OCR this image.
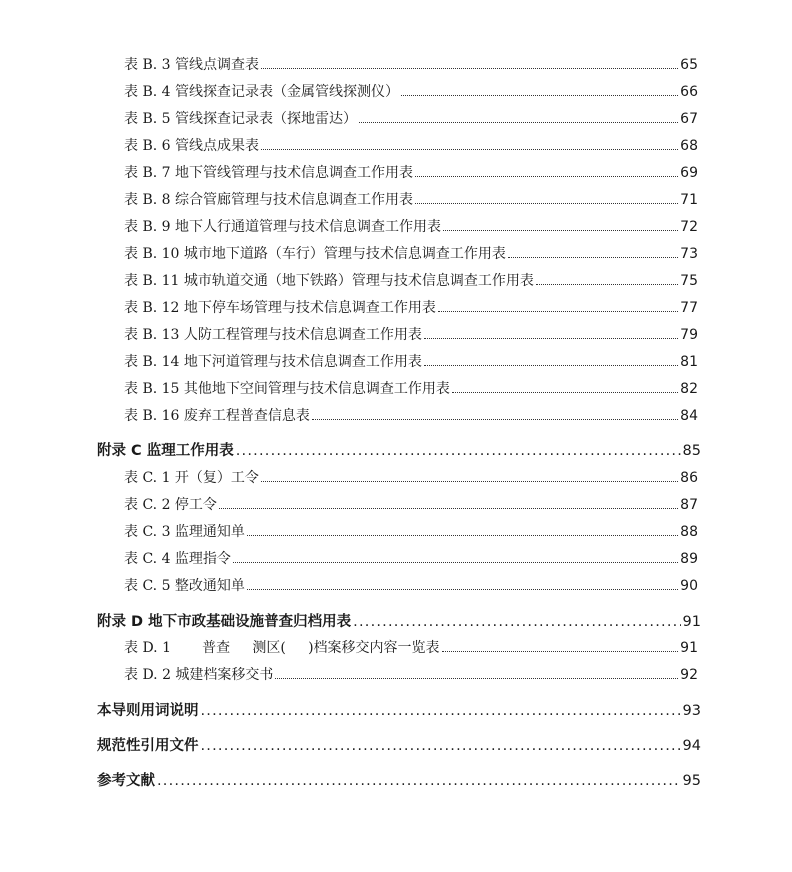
表 B. 3 管线点调查表	65
表 B. 4 管线探查记录表（金属管线探测仪）	66
表 B. 5 管线探查记录表（探地雷达）	67
表 B. 6 管线点成果表	68
表 B. 7 地下管线管理与技术信息调查工作用表	69
表 B. 8 综合管廊管理与技术信息调查工作用表	71
表 B. 9 地下人行通道管理与技术信息调查工作用表	72
表 B. 10 城市地下道路（车行）管理与技术信息调查工作用表	73
表 B. 11 城市轨道交通（地下铁路）管理与技术信息调查工作用表	75
表 B. 12 地下停车场管理与技术信息调查工作用表	77
表 B. 13 人防工程管理与技术信息调查工作用表	79
表 B. 14 地下河道管理与技术信息调查工作用表	81
表 B. 15 其他地下空间管理与技术信息调查工作用表	82
表 B. 16 废弃工程普查信息表	84
附录 C 监理工作用表 .....	85
表 C. 1 开（复）工令	86
表 C. 2 停工令	87
表 C. 3 监理通知单	88
表 C. 4 监理指令	89
表 C. 5 整改通知单	90
附录 D 地下市政基础设施普查归档用表 .....	91
表 D. 1       普查     测区(     )档案移交内容一览表	91
表 D. 2 城建档案移交书	92
本导则用词说明 .....	93
规范性引用文件 .....	94
参考文献 .....	95
